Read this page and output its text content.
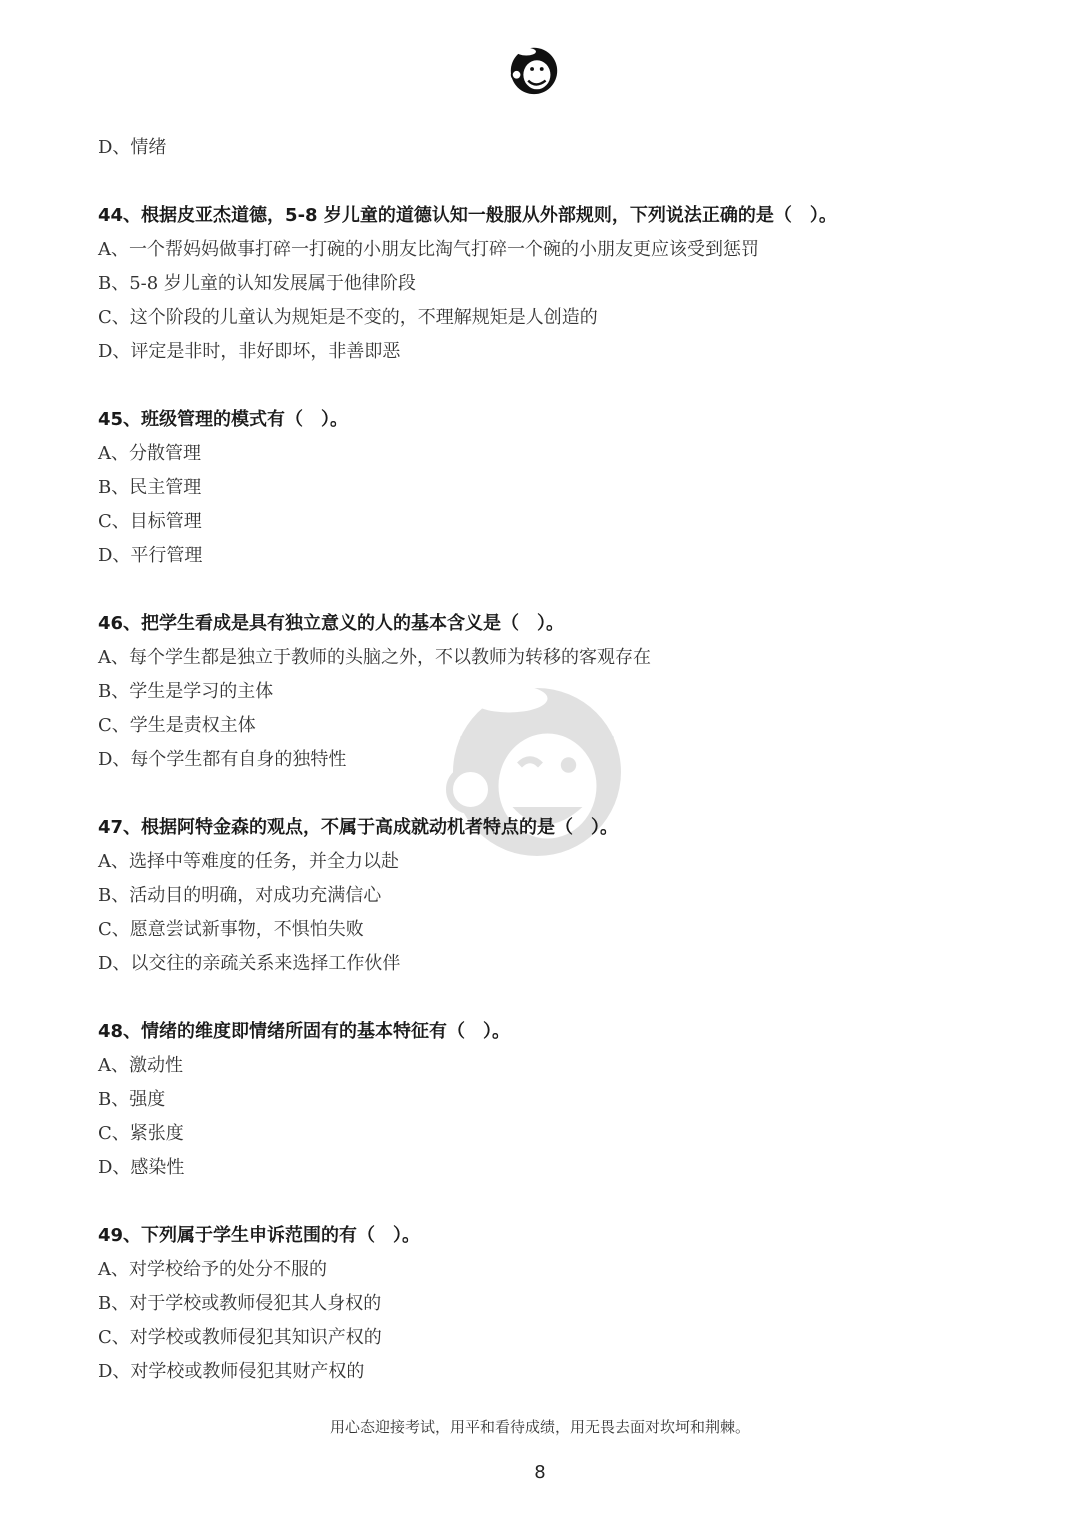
D、情绪
44、根据皮亚杰道德，5-8 岁儿童的道德认知一般服从外部规则，下列说法正确的是（　）。
A、一个帮妈妈做事打碎一打碗的小朋友比淘气打碎一个碗的小朋友更应该受到惩罚
B、5-8 岁儿童的认知发展属于他律阶段
C、这个阶段的儿童认为规矩是不变的，不理解规矩是人创造的
D、评定是非时，非好即坏，非善即恶
45、班级管理的模式有（　）。
A、分散管理
B、民主管理
C、目标管理
D、平行管理
46、把学生看成是具有独立意义的人的基本含义是（　）。
A、每个学生都是独立于教师的头脑之外，不以教师为转移的客观存在
B、学生是学习的主体
C、学生是责权主体
D、每个学生都有自身的独特性
47、根据阿特金森的观点，不属于高成就动机者特点的是（　）。
A、选择中等难度的任务，并全力以赴
B、活动目的明确，对成功充满信心
C、愿意尝试新事物，不惧怕失败
D、以交往的亲疏关系来选择工作伙伴
48、情绪的维度即情绪所固有的基本特征有（　）。
A、激动性
B、强度
C、紧张度
D、感染性
49、下列属于学生申诉范围的有（　）。
A、对学校给予的处分不服的
B、对于学校或教师侵犯其人身权的
C、对学校或教师侵犯其知识产权的
D、对学校或教师侵犯其财产权的
用心态迎接考试，用平和看待成绩，用无畏去面对坎坷和荆棘。
8
